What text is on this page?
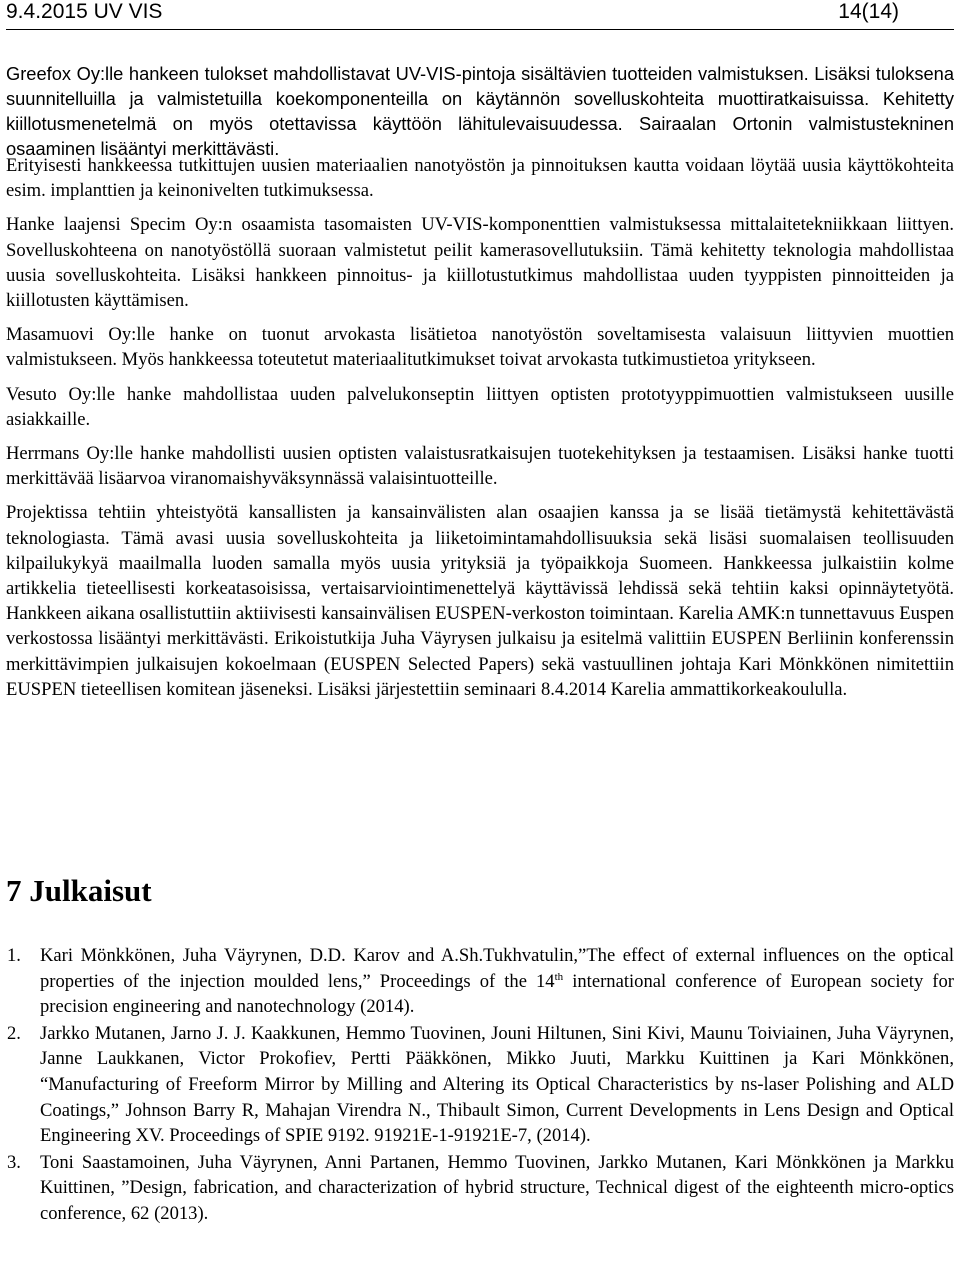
9.4.2015 UV VIS	14(14)

Greefox Oy:lle hankeen tulokset mahdollistavat UV-VIS-pintoja sisältävien tuotteiden valmistuksen. Lisäksi tuloksena suunnitelluilla ja valmistetuilla koekomponenteilla on käytännön sovelluskohteita muottiratkaisuissa. Kehitetty kiillotusmenetelmä on myös otettavissa käyttöön lähitulevaisuudessa. Sairaalan Ortonin valmistustekninen osaaminen lisääntyi merkittävästi.

Erityisesti hankkeessa tutkittujen uusien materiaalien nanotyöstön ja pinnoituksen kautta voidaan löytää uusia käyttökohteita esim. implanttien ja keinonivelten tutkimuksessa.

Hanke laajensi Specim Oy:n osaamista tasomaisten UV-VIS-komponenttien valmistuksessa mittalaitetekniikkaan liittyen. Sovelluskohteena on nanotyöstöllä suoraan valmistetut peilit kamerasovellutuksiin. Tämä kehitetty teknologia mahdollistaa uusia sovelluskohteita. Lisäksi hankkeen pinnoitus- ja kiillotustutkimus mahdollistaa uuden tyyppisten pinnoitteiden ja kiillotusten käyttämisen.

Masamuovi Oy:lle hanke on tuonut arvokasta lisätietoa nanotyöstön soveltamisesta valaisuun liittyvien muottien valmistukseen. Myös hankkeessa toteutetut materiaalitutkimukset toivat arvokasta tutkimustietoa yritykseen.

Vesuto Oy:lle hanke mahdollistaa uuden palvelukonseptin liittyen optisten prototyyppimuottien valmistukseen uusille asiakkaille.

Herrmans Oy:lle hanke mahdollisti uusien optisten valaistusratkaisujen tuotekehityksen ja testaamisen. Lisäksi hanke tuotti merkittävää lisäarvoa viranomaishyväksynnässä valaisintuotteille.

Projektissa tehtiin yhteistyötä kansallisten ja kansainvälisten alan osaajien kanssa ja se lisää tietämystä kehitettävästä teknologiasta. Tämä avasi uusia sovelluskohteita ja liiketoimintamahdollisuuksia sekä lisäsi suomalaisen teollisuuden kilpailukykyä maailmalla luoden samalla myös uusia yrityksiä ja työpaikkoja Suomeen. Hankkeessa julkaistiin kolme artikkelia tieteellisesti korkeatasoisissa, vertaisarviointimenettelyä käyttävissä lehdissä sekä tehtiin kaksi opinnäytetyötä. Hankkeen aikana osallistuttiin aktiivisesti kansainvälisen EUSPEN-verkoston toimintaan. Karelia AMK:n tunnettavuus Euspen verkostossa lisääntyi merkittävästi. Erikoistutkija Juha Väyrysen julkaisu ja esitelmä valittiin EUSPEN Berliinin konferenssin merkittävimpien julkaisujen kokoelmaan (EUSPEN Selected Papers) sekä vastuullinen johtaja Kari Mönkkönen nimitettiin EUSPEN tieteellisen komitean jäseneksi. Lisäksi järjestettiin seminaari 8.4.2014 Karelia ammattikorkeakoululla.

7 Julkaisut
1. Kari Mönkkönen, Juha Väyrynen, D.D. Karov and A.Sh.Tukhvatulin,”The effect of external influences on the optical properties of the injection moulded lens,” Proceedings of the 14th international conference of European society for precision engineering and nanotechnology (2014).
2. Jarkko Mutanen, Jarno J. J. Kaakkunen, Hemmo Tuovinen, Jouni Hiltunen, Sini Kivi, Maunu Toiviainen, Juha Väyrynen, Janne Laukkanen, Victor Prokofiev, Pertti Pääkkönen, Mikko Juuti, Markku Kuittinen ja Kari Mönkkönen, “Manufacturing of Freeform Mirror by Milling and Altering its Optical Characteristics by ns-laser Polishing and ALD Coatings,” Johnson Barry R, Mahajan Virendra N., Thibault Simon, Current Developments in Lens Design and Optical Engineering XV. Proceedings of SPIE 9192. 91921E-1-91921E-7, (2014).
3. Toni Saastamoinen, Juha Väyrynen, Anni Partanen, Hemmo Tuovinen, Jarkko Mutanen, Kari Mönkkönen ja Markku Kuittinen, ”Design, fabrication, and characterization of hybrid structure, Technical digest of the eighteenth micro-optics conference, 62 (2013).
